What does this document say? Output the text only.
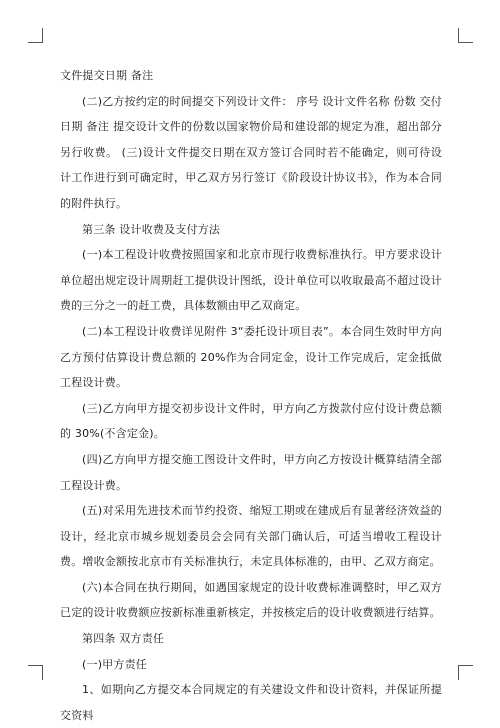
文件提交日期 备注

(二)乙方按约定的时间提交下列设计文件： 序号 设计文件名称 份数 交付日期 备注 提交设计文件的份数以国家物价局和建设部的规定为准，超出部分另行收费。 (三)设计文件提交日期在双方签订合同时若不能确定，则可待设计工作进行到可确定时，甲乙双方另行签订《阶段设计协议书》，作为本合同的附件执行。

第三条 设计收费及支付方法

(一)本工程设计收费按照国家和北京市现行收费标准执行。甲方要求设计单位超出规定设计周期赶工提供设计图纸，设计单位可以收取最高不超过设计费的三分之一的赶工费，具体数额由甲乙双商定。

(二)本工程设计收费详见附件 3“委托设计项目表”。本合同生效时甲方向乙方预付估算设计费总额的 20%作为合同定金，设计工作完成后，定金抵做工程设计费。

(三)乙方向甲方提交初步设计文件时，甲方向乙方拨款付应付设计费总额的 30%(不含定金)。

(四)乙方向甲方提交施工图设计文件时，甲方向乙方按设计概算结清全部工程设计费。

(五)对采用先进技术而节约投资、缩短工期或在建成后有显著经济效益的设计，经北京市城乡规划委员会会同有关部门确认后，可适当增收工程设计费。增收金额按北京市有关标准执行，未定具体标准的，由甲、乙双方商定。

(六)本合同在执行期间，如遇国家规定的设计收费标准调整时，甲乙双方已定的设计收费额应按新标准重新核定，并按核定后的设计收费额进行结算。

第四条 双方责任

(一)甲方责任

1、如期向乙方提交本合同规定的有关建设文件和设计资料，并保证所提交资料
